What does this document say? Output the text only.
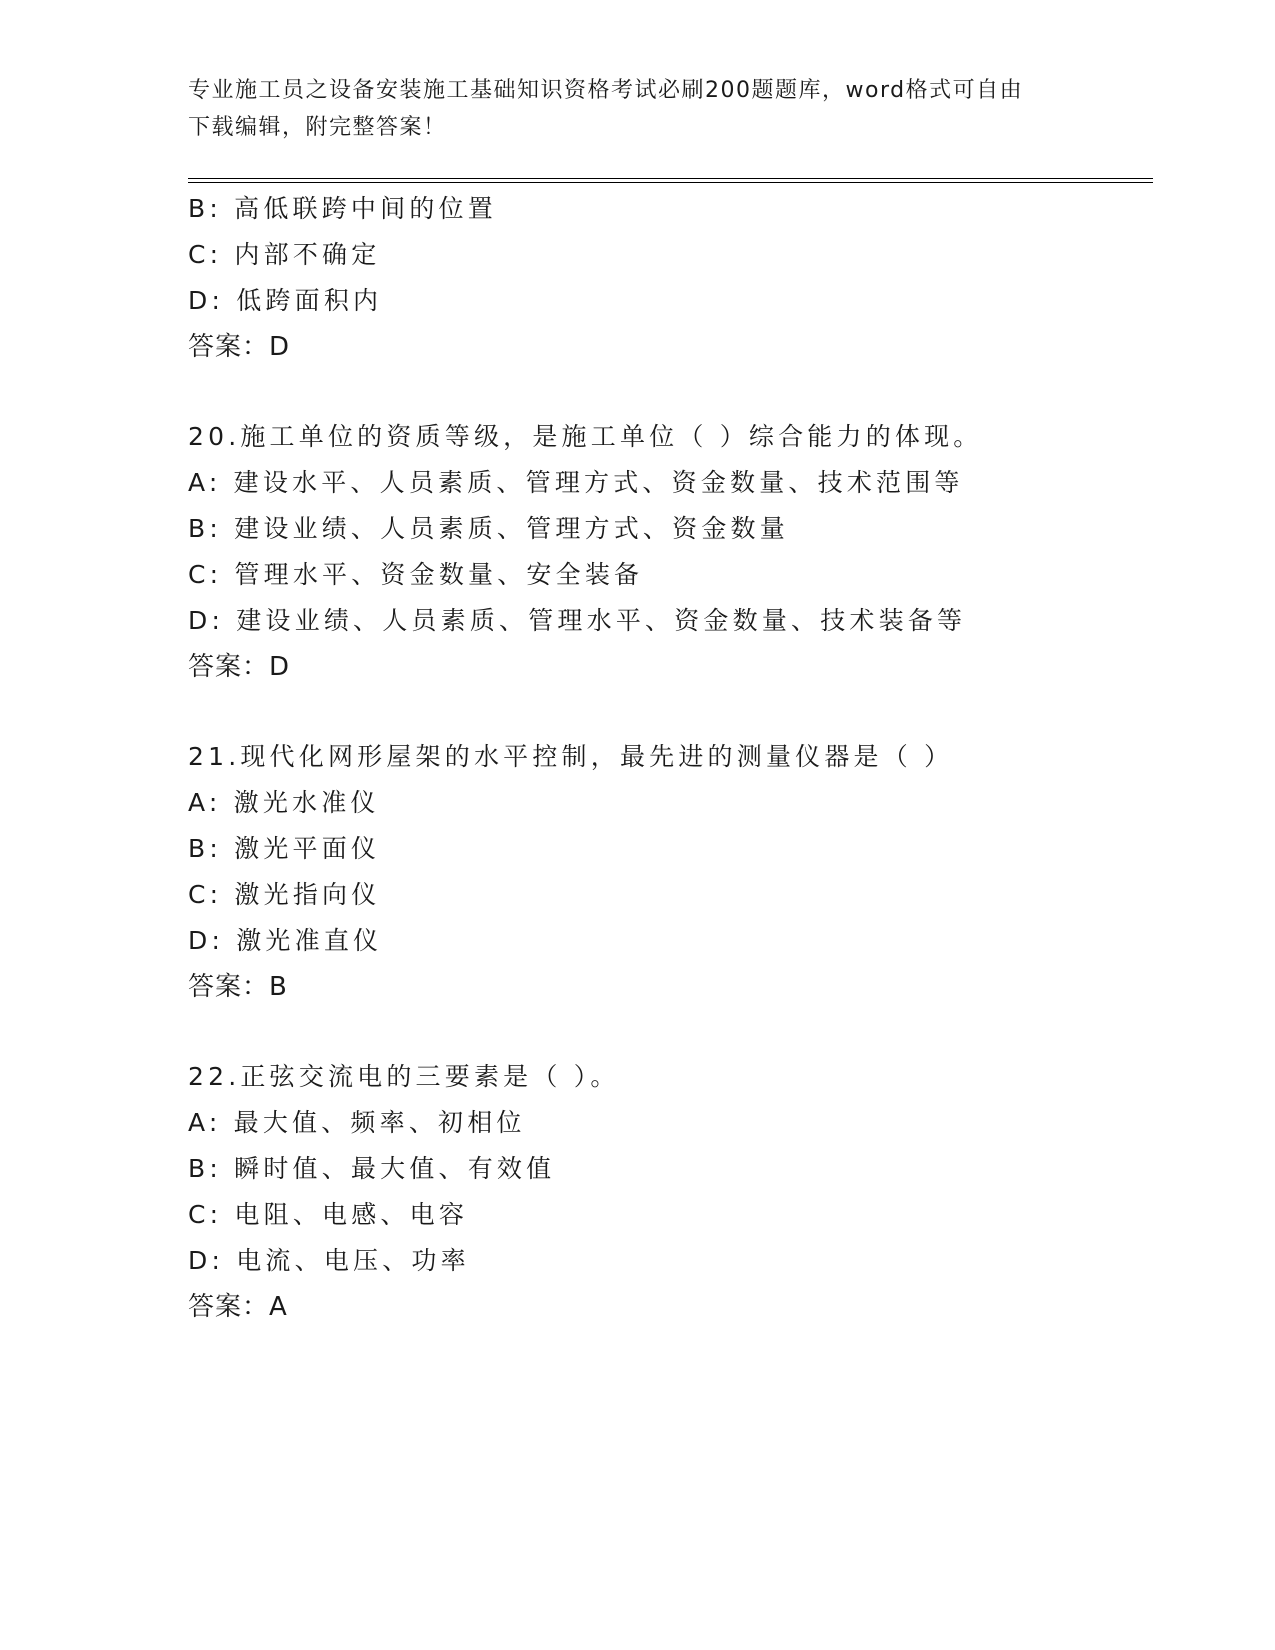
专业施工员之设备安装施工基础知识资格考试必刷200题题库，word格式可自由
下载编辑，附完整答案！

B: 高低联跨中间的位置

C: 内部不确定

D: 低跨面积内

答案：D

20.施工单位的资质等级，是施工单位（ ）综合能力的体现。

A: 建设水平、人员素质、管理方式、资金数量、技术范围等

B: 建设业绩、人员素质、管理方式、资金数量

C: 管理水平、资金数量、安全装备

D: 建设业绩、人员素质、管理水平、资金数量、技术装备等

答案：D

21.现代化网形屋架的水平控制，最先进的测量仪器是（ ）

A: 激光水准仪

B: 激光平面仪

C: 激光指向仪

D: 激光准直仪

答案：B

22.正弦交流电的三要素是（ ）。

A: 最大值、频率、初相位

B: 瞬时值、最大值、有效值

C: 电阻、电感、电容

D: 电流、电压、功率

答案：A
